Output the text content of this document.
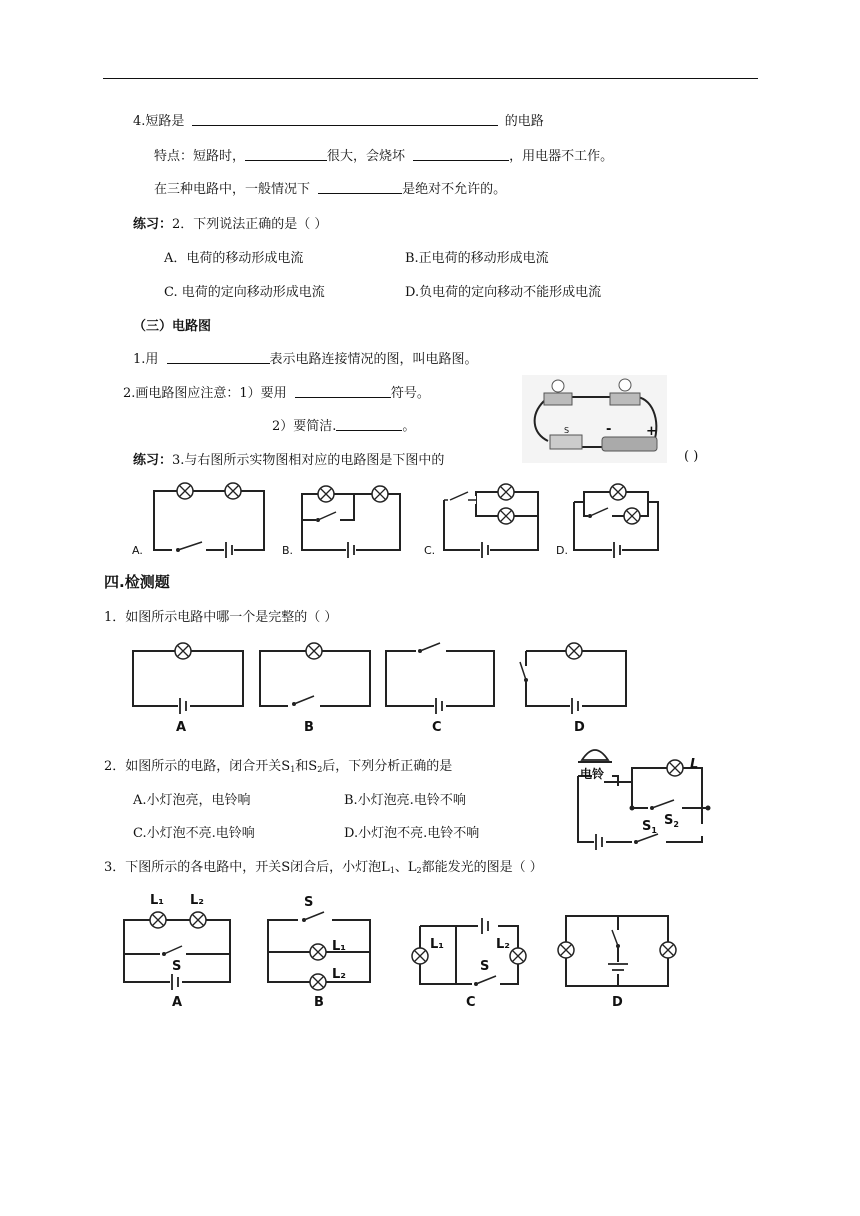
4.短路是	的电路
特点：短路时，	很大，会烧坏	，用电器不工作。
在三种电路中，一般情况下	是绝对不允许的。
练习：2．下列说法正确的是（ ）
A．电荷的移动形成电流	B.正电荷的移动形成电流
C. 电荷的定向移动形成电流	D.负电荷的定向移动不能形成电流
（三）电路图
1.用	表示电路连接情况的图，叫电路图。
2.画电路图应注意：1）要用	符号。
2）要简洁.	。	S	-	+
练习：3.与右图所示实物图相对应的电路图是下图中的	( )
A.	B.	C.	D.
四.检测题
1．如图所示电路中哪一个是完整的（ ）
A	B	C	D
2．如图所示的电路，闭合开关$S_1$和$S_2$后，下列分析正确的是
A.小灯泡亮，电铃响	B.小灯泡亮.电铃不响
C.小灯泡不亮.电铃响	D.小灯泡不亮.电铃不响
电铃
L
$S_2$
$S_1$
3．下图所示的各电路中，开关S闭合后，小灯泡$L_1$、$L_2$都能发光的图是（ ）
L₁ L₂
S
A
S
L₁
L₂
B
L₁	L₂
S
C	D
